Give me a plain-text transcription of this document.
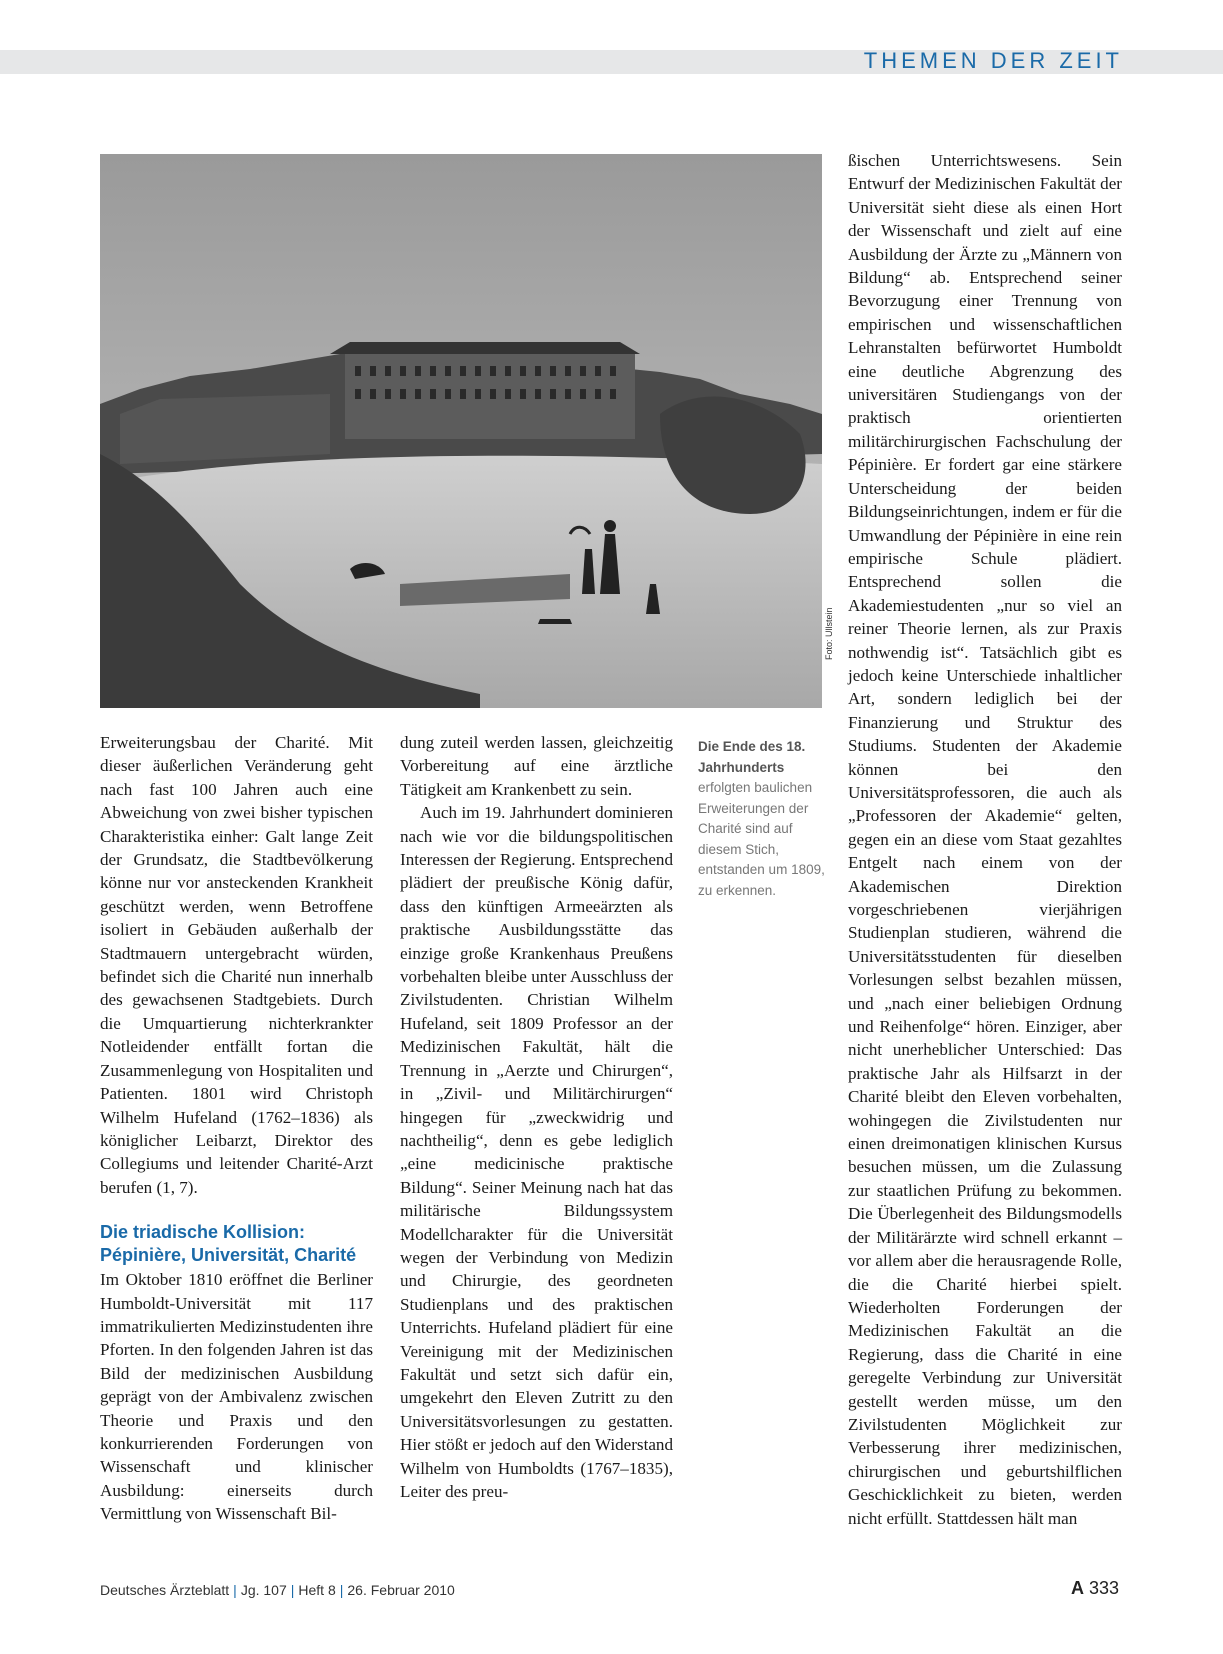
THEMEN DER ZEIT
Foto: Ullstein

Erweiterungsbau der Charité. Mit dieser äußerlichen Veränderung geht nach fast 100 Jahren auch eine Abweichung von zwei bisher typischen Charakteristika einher: Galt lange Zeit der Grundsatz, die Stadtbevölkerung könne nur vor ansteckenden Krankheit geschützt werden, wenn Betroffene isoliert in Gebäuden außerhalb der Stadtmauern untergebracht würden, befindet sich die Charité nun innerhalb des gewachsenen Stadtgebiets. Durch die Umquartierung nichterkrankter Notleidender entfällt fortan die Zusammenlegung von Hospitaliten und Patienten. 1801 wird Christoph Wilhelm Hufeland (1762–1836) als königlicher Leibarzt, Direktor des Collegiums und leitender Charité-Arzt berufen (1, 7).

Die triadische Kollision:
Pépinière, Universität, Charité

Im Oktober 1810 eröffnet die Berliner Humboldt-Universität mit 117 immatrikulierten Medizinstudenten ihre Pforten. In den folgenden Jahren ist das Bild der medizinischen Ausbildung geprägt von der Ambivalenz zwischen Theorie und Praxis und den konkurrierenden Forderungen von Wissenschaft und klinischer Ausbildung: einerseits durch Vermittlung von Wissenschaft Bil-

dung zuteil werden lassen, gleichzeitig Vorbereitung auf eine ärztliche Tätigkeit am Krankenbett zu sein.

Auch im 19. Jahrhundert dominieren nach wie vor die bildungspolitischen Interessen der Regierung. Entsprechend plädiert der preußische König dafür, dass den künftigen Armeeärzten als praktische Ausbildungsstätte das einzige große Krankenhaus Preußens vorbehalten bleibe unter Ausschluss der Zivilstudenten. Christian Wilhelm Hufeland, seit 1809 Professor an der Medizinischen Fakultät, hält die Trennung in „Aerzte und Chirurgen“, in „Zivil- und Militärchirurgen“ hingegen für „zweckwidrig und nachtheilig“, denn es gebe lediglich „eine medicinische praktische Bildung“. Seiner Meinung nach hat das militärische Bildungssystem Modellcharakter für die Universität wegen der Verbindung von Medizin und Chirurgie, des geordneten Studienplans und des praktischen Unterrichts. Hufeland plädiert für eine Vereinigung mit der Medizinischen Fakultät und setzt sich dafür ein, umgekehrt den Eleven Zutritt zu den Universitätsvorlesungen zu gestatten. Hier stößt er jedoch auf den Widerstand Wilhelm von Humboldts (1767–1835), Leiter des preu-

Die Ende des 18. Jahrhunderts erfolgten baulichen Erweiterungen der Charité sind auf diesem Stich, entstanden um 1809, zu erkennen.

ßischen Unterrichtswesens. Sein Entwurf der Medizinischen Fakultät der Universität sieht diese als einen Hort der Wissenschaft und zielt auf eine Ausbildung der Ärzte zu „Männern von Bildung“ ab. Entsprechend seiner Bevorzugung einer Trennung von empirischen und wissenschaftlichen Lehranstalten befürwortet Humboldt eine deutliche Abgrenzung des universitären Studiengangs von der praktisch orientierten militärchirurgischen Fachschulung der Pépinière. Er fordert gar eine stärkere Unterscheidung der beiden Bildungseinrichtungen, indem er für die Umwandlung der Pépinière in eine rein empirische Schule plädiert. Entsprechend sollen die Akademiestudenten „nur so viel an reiner Theorie lernen, als zur Praxis nothwendig ist“. Tatsächlich gibt es jedoch keine Unterschiede inhaltlicher Art, sondern lediglich bei der Finanzierung und Struktur des Studiums. Studenten der Akademie können bei den Universitätsprofessoren, die auch als „Professoren der Akademie“ gelten, gegen ein an diese vom Staat gezahltes Entgelt nach einem von der Akademischen Direktion vorgeschriebenen vierjährigen Studienplan studieren, während die Universitätsstudenten für dieselben Vorlesungen selbst bezahlen müssen, und „nach einer beliebigen Ordnung und Reihenfolge“ hören. Einziger, aber nicht unerheblicher Unterschied: Das praktische Jahr als Hilfsarzt in der Charité bleibt den Eleven vorbehalten, wohingegen die Zivilstudenten nur einen dreimonatigen klinischen Kursus besuchen müssen, um die Zulassung zur staatlichen Prüfung zu bekommen. Die Überlegenheit des Bildungsmodells der Militärärzte wird schnell erkannt – vor allem aber die herausragende Rolle, die die Charité hierbei spielt. Wiederholten Forderungen der Medizinischen Fakultät an die Regierung, dass die Charité in eine geregelte Verbindung zur Universität gestellt werden müsse, um den Zivilstudenten Möglichkeit zur Verbesserung ihrer medizinischen, chirurgischen und geburtshilflichen Geschicklichkeit zu bieten, werden nicht erfüllt. Stattdessen hält man

Deutsches Ärzteblatt | Jg. 107 | Heft 8 | 26. Februar 2010	A 333
